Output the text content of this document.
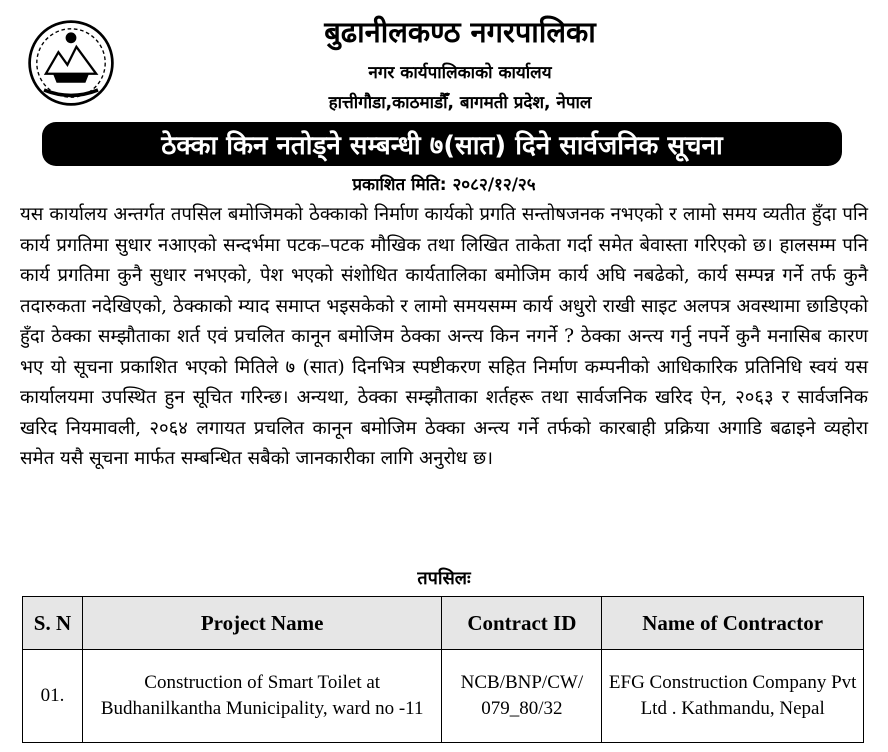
बुढानीलकण्ठ नगरपालिका
नगर कार्यपालिकाको कार्यालय
हात्तीगौडा,काठमाडौँ, बागमती प्रदेश, नेपाल
ठेक्का किन नतोड्ने सम्बन्धी ७(सात) दिने सार्वजनिक सूचना
प्रकाशित मिति: २०८२/१२/२५
यस कार्यालय अन्तर्गत तपसिल बमोजिमको ठेक्काको निर्माण कार्यको प्रगति सन्तोषजनक नभएको र लामो समय व्यतीत हुँदा पनि कार्य प्रगतिमा सुधार नआएको सन्दर्भमा पटक–पटक मौखिक तथा लिखित ताकेता गर्दा समेत बेवास्ता गरिएको छ। हालसम्म पनि कार्य प्रगतिमा कुनै सुधार नभएको, पेश भएको संशोधित कार्यतालिका बमोजिम कार्य अघि नबढेको, कार्य सम्पन्न गर्ने तर्फ कुनै तदारुकता नदेखिएको, ठेक्काको म्याद समाप्त भइसकेको र लामो समयसम्म कार्य अधुरो राखी साइट अलपत्र अवस्थामा छाडिएको हुँदा ठेक्का सम्झौताका शर्त एवं प्रचलित कानून बमोजिम ठेक्का अन्त्य किन नगर्ने ? ठेक्का अन्त्य गर्नु नपर्ने कुनै मनासिब कारण भए यो सूचना प्रकाशित भएको मितिले ७ (सात) दिनभित्र स्पष्टीकरण सहित निर्माण कम्पनीको आधिकारिक प्रतिनिधि स्वयं यस कार्यालयमा उपस्थित हुन सूचित गरिन्छ। अन्यथा, ठेक्का सम्झौताका शर्तहरू तथा सार्वजनिक खरिद ऐन, २०६३ र सार्वजनिक खरिद नियमावली, २०६४ लगायत प्रचलित कानून बमोजिम ठेक्का अन्त्य गर्ने तर्फको कारबाही प्रक्रिया अगाडि बढाइने व्यहोरा समेत यसै सूचना मार्फत सम्बन्धित सबैको जानकारीका लागि अनुरोध छ।
तपसिलः
S. N	Project Name	Contract ID	Name of Contractor
01.	Construction of Smart Toilet at Budhanilkantha Municipality, ward no -11	NCB/BNP/CW/ 079_80/32	EFG Construction Company Pvt Ltd . Kathmandu, Nepal
